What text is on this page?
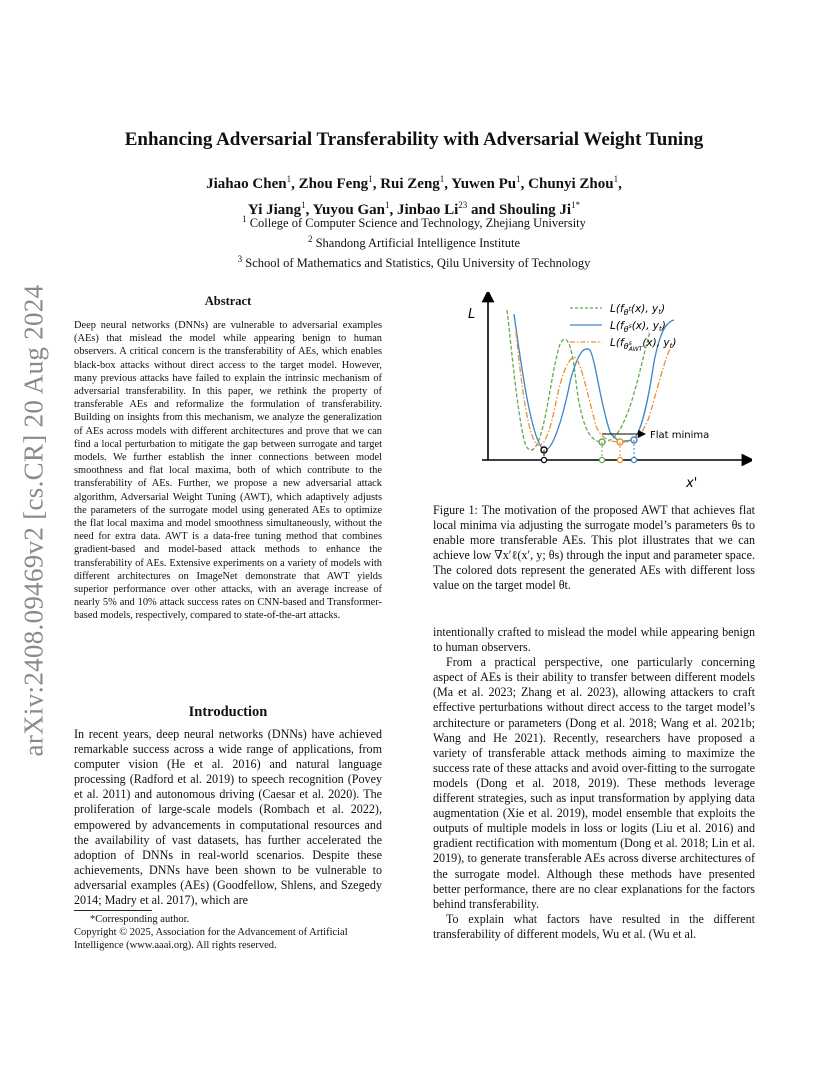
arXiv:2408.09469v2 [cs.CR] 20 Aug 2024
Enhancing Adversarial Transferability with Adversarial Weight Tuning
Jiahao Chen$^1$, Zhou Feng$^1$, Rui Zeng$^1$, Yuwen Pu$^1$, Chunyi Zhou$^1$,
Yi Jiang$^1$, Yuyou Gan$^1$, Jinbao Li$^{23}$ and Shouling $Ji^{1*}$
$^1$ College of Computer Science and Technology, Zhejiang University
$^2$ Shandong Artificial Intelligence Institute
$^3$ School of Mathematics and Statistics, Qilu University of Technology
Abstract
Deep neural networks (DNNs) are vulnerable to adversarial examples (AEs) that mislead the model while appearing benign to human observers. A critical concern is the transferability of AEs, which enables black-box attacks without direct access to the target model. However, many previous attacks have failed to explain the intrinsic mechanism of adversarial transferability. In this paper, we rethink the property of transferable AEs and reformalize the formulation of transferability. Building on insights from this mechanism, we analyze the generalization of AEs across models with different architectures and prove that we can find a local perturbation to mitigate the gap between surrogate and target models. We further establish the inner connections between model smoothness and flat local maxima, both of which contribute to the transferability of AEs. Further, we propose a new adversarial attack algorithm, Adversarial Weight Tuning (AWT), which adaptively adjusts the parameters of the surrogate model using generated AEs to optimize the flat local maxima and model smoothness simultaneously, without the need for extra data. AWT is a data-free tuning method that combines gradient-based and model-based attack methods to enhance the transferability of AEs. Extensive experiments on a variety of models with different architectures on ImageNet demonstrate that AWT yields superior performance over other attacks, with an average increase of nearly 5% and 10% attack success rates on CNN-based and Transformer-based models, respectively, compared to state-of-the-art attacks.
Introduction
In recent years, deep neural networks (DNNs) have achieved remarkable success across a wide range of applications, from computer vision (He et al. 2016) and natural language processing (Radford et al. 2019) to speech recognition (Povey et al. 2011) and autonomous driving (Caesar et al. 2020). The proliferation of large-scale models (Rombach et al. 2022), empowered by advancements in computational resources and the availability of vast datasets, has further accelerated the adoption of DNNs in real-world scenarios. Despite these achievements, DNNs have been shown to be vulnerable to adversarial examples (AEs) (Goodfellow, Shlens, and Szegedy 2014; Madry et al. 2017), which are
*Corresponding author.
Copyright © 2025, Association for the Advancement of Artificial Intelligence (www.aaai.org). All rights reserved.
L
x'
Flat minima
$L(f_\theta^t(x)$, yt)
$L(f_\theta^s(x)$, yt)
$L(f_\theta^s$ AWT(x), yt)
Figure 1: The motivation of the proposed AWT that achieves flat local minima via adjusting the surrogate model’s parameters θs to enable more transferable AEs. This plot illustrates that we can achieve low ∇x′ℓ(x′, y; θs) through the input and parameter space. The colored dots represent the generated AEs with different loss value on the target model θt.

intentionally crafted to mislead the model while appearing benign to human observers.

From a practical perspective, one particularly concerning aspect of AEs is their ability to transfer between different models (Ma et al. 2023; Zhang et al. 2023), allowing attackers to craft effective perturbations without direct access to the target model’s architecture or parameters (Dong et al. 2018; Wang et al. 2021b; Wang and He 2021). Recently, researchers have proposed a variety of transferable attack methods aiming to maximize the success rate of these attacks and avoid over-fitting to the surrogate models (Dong et al. 2018, 2019). These methods leverage different strategies, such as input transformation by applying data augmentation (Xie et al. 2019), model ensemble that exploits the outputs of multiple models in loss or logits (Liu et al. 2016) and gradient rectification with momentum (Dong et al. 2018; Lin et al. 2019), to generate transferable AEs across diverse architectures of the surrogate model. Although these methods have presented better performance, there are no clear explanations for the factors behind transferability.

To explain what factors have resulted in the different transferability of different models, Wu et al. (Wu et al.
